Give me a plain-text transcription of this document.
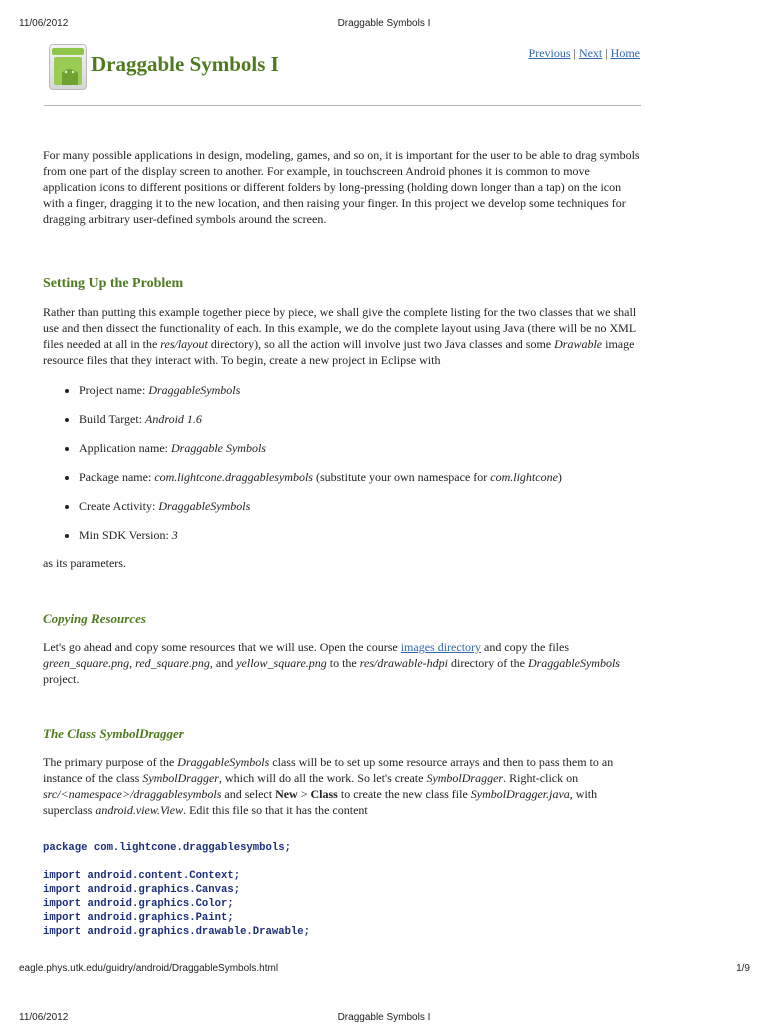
11/06/2012	Draggable Symbols I
Draggable Symbols I	Previous | Next | Home

For many possible applications in design, modeling, games, and so on, it is important for the user to be able to drag symbols from one part of the display screen to another. For example, in touchscreen Android phones it is common to move application icons to different positions or different folders by long-pressing (holding down longer than a tap) on the icon with a finger, dragging it to the new location, and then raising your finger. In this project we develop some techniques for dragging arbitrary user-defined symbols around the screen.

Setting Up the Problem

Rather than putting this example together piece by piece, we shall give the complete listing for the two classes that we shall use and then dissect the functionality of each. In this example, we do the complete layout using Java (there will be no XML files needed at all in the res/layout directory), so all the action will involve just two Java classes and some Drawable image resource files that they interact with. To begin, create a new project in Eclipse with

• Project name: DraggableSymbols
• Build Target: Android 1.6
• Application name: Draggable Symbols
• Package name: com.lightcone.draggablesymbols (substitute your own namespace for com.lightcone)
• Create Activity: DraggableSymbols
• Min SDK Version: 3

as its parameters.

Copying Resources

Let's go ahead and copy some resources that we will use. Open the course images directory and copy the files green_square.png, red_square.png, and yellow_square.png to the res/drawable-hdpi directory of the DraggableSymbols project.

The Class SymbolDragger

The primary purpose of the DraggableSymbols class will be to set up some resource arrays and then to pass them to an instance of the class SymbolDragger, which will do all the work. So let's create SymbolDragger. Right-click on src/<namespace>/draggablesymbols and select New > Class to create the new class file SymbolDragger.java, with superclass android.view.View. Edit this file so that it has the content

package com.lightcone.draggablesymbols;
import android.content.Context;
import android.graphics.Canvas;
import android.graphics.Color;
import android.graphics.Paint;
import android.graphics.drawable.Drawable;
eagle.phys.utk.edu/guidry/android/DraggableSymbols.html	1/9
11/06/2012	Draggable Symbols I
